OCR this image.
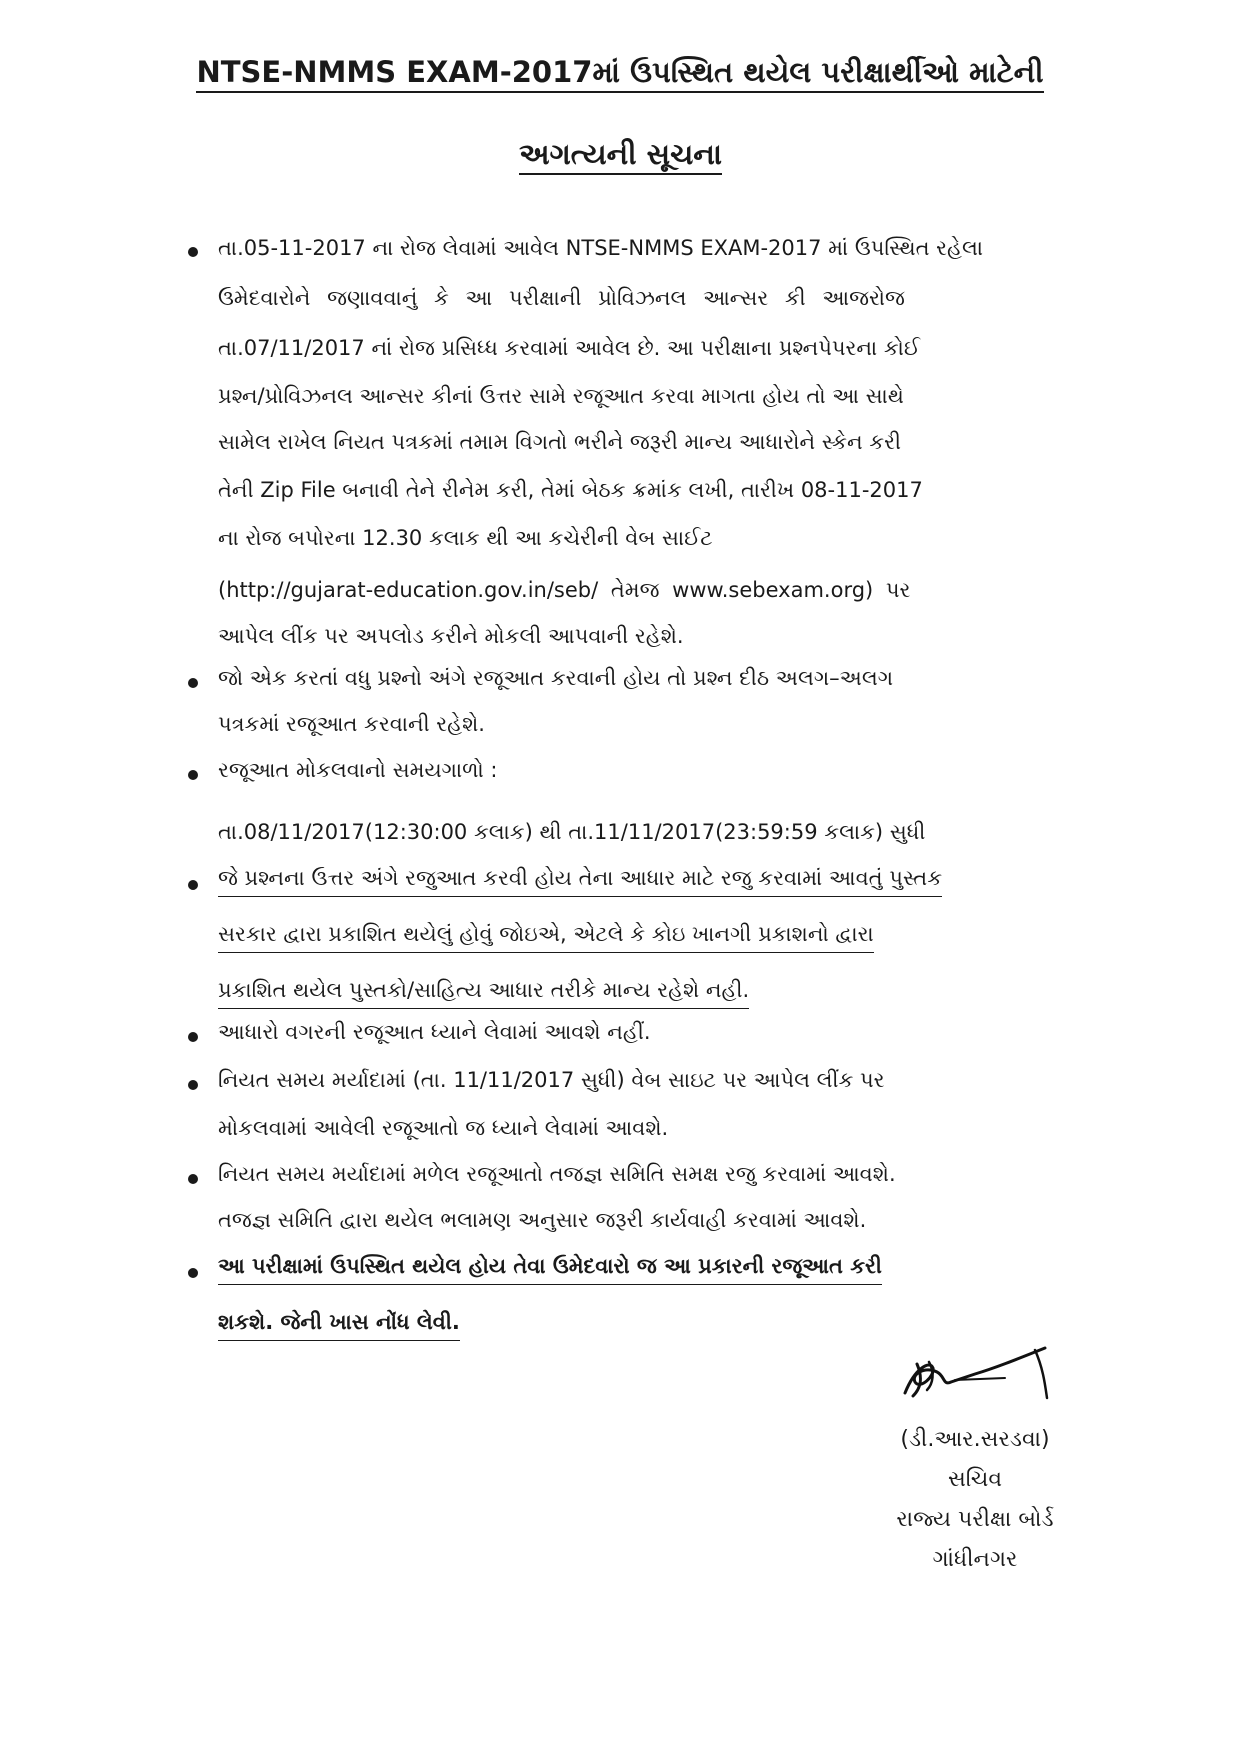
NTSE-NMMS EXAM-2017માં ઉપસ્થિત થયેલ પરીક્ષાર્થીઓ માટેની
અગત્યની સૂચના
તા.05-11-2017 ના રોજ લેવામાં આવેલ NTSE-NMMS EXAM-2017 માં ઉપસ્થિત રહેલા
ઉમેદવારોને જણાવવાનું કે આ પરીક્ષાની પ્રોવિઝનલ આન્સર કી આજરોજ
તા.07/11/2017 નાં રોજ પ્રસિધ્ધ કરવામાં આવેલ છે. આ પરીક્ષાના પ્રશ્નપેપરના કોઈ
પ્રશ્ન/પ્રોવિઝનલ આન્સર કીનાં ઉત્તર સામે રજૂઆત કરવા માગતા હોય તો આ સાથે
સામેલ રાખેલ નિયત પત્રકમાં તમામ વિગતો ભરીને જરૂરી માન્ય આધારોને સ્કેન કરી
તેની Zip File બનાવી તેને રીનેમ કરી, તેમાં બેઠક ક્રમાંક લખી, તારીખ 08-11-2017
ના રોજ બપોરના 12.30 કલાક થી આ કચેરીની વેબ સાઈટ
(http://gujarat-education.gov.in/seb/ તેમજ www.sebexam.org) પર
આપેલ લીંક પર અપલોડ કરીને મોકલી આપવાની રહેશે.
જો એક કરતાં વધુ પ્રશ્નો અંગે રજૂઆત કરવાની હોય તો પ્રશ્ન દીઠ અલગ–અલગ
પત્રકમાં રજૂઆત કરવાની રહેશે.
રજૂઆત મોકલવાનો સમયગાળો :
તા.08/11/2017(12:30:00 કલાક) થી તા.11/11/2017(23:59:59 કલાક) સુધી
જે પ્રશ્નના ઉત્તર અંગે રજુઆત કરવી હોય તેના આધાર માટે રજુ કરવામાં આવતું પુસ્તક
સરકાર દ્વારા પ્રકાશિત થયેલું હોવું જોઇએ, એટલે કે કોઇ ખાનગી પ્રકાશનો દ્વારા
પ્રકાશિત થયેલ પુસ્તકો/સાહિત્ય આધાર તરીકે માન્ય રહેશે નહી.
આધારો વગરની રજૂઆત ધ્યાને લેવામાં આવશે નહીં.
નિયત સમય મર્યાદામાં (તા. 11/11/2017 સુધી) વેબ સાઇટ પર આપેલ લીંક પર
મોકલવામાં આવેલી રજૂઆતો જ ધ્યાને લેવામાં આવશે.
નિયત સમય મર્યાદામાં મળેલ રજૂઆતો તજજ્ઞ સમિતિ સમક્ષ રજુ કરવામાં આવશે.
તજજ્ઞ સમિતિ દ્વારા થયેલ ભલામણ અનુસાર જરૂરી કાર્યવાહી કરવામાં આવશે.
આ પરીક્ષામાં ઉપસ્થિત થયેલ હોય તેવા ઉમેદવારો જ આ પ્રકારની રજૂઆત કરી
શકશે. જેની ખાસ નોંધ લેવી.
(ડી.આર.સરડવા)
સચિવ
રાજ્ય પરીક્ષા બોર્ડ
ગાંધીનગર
